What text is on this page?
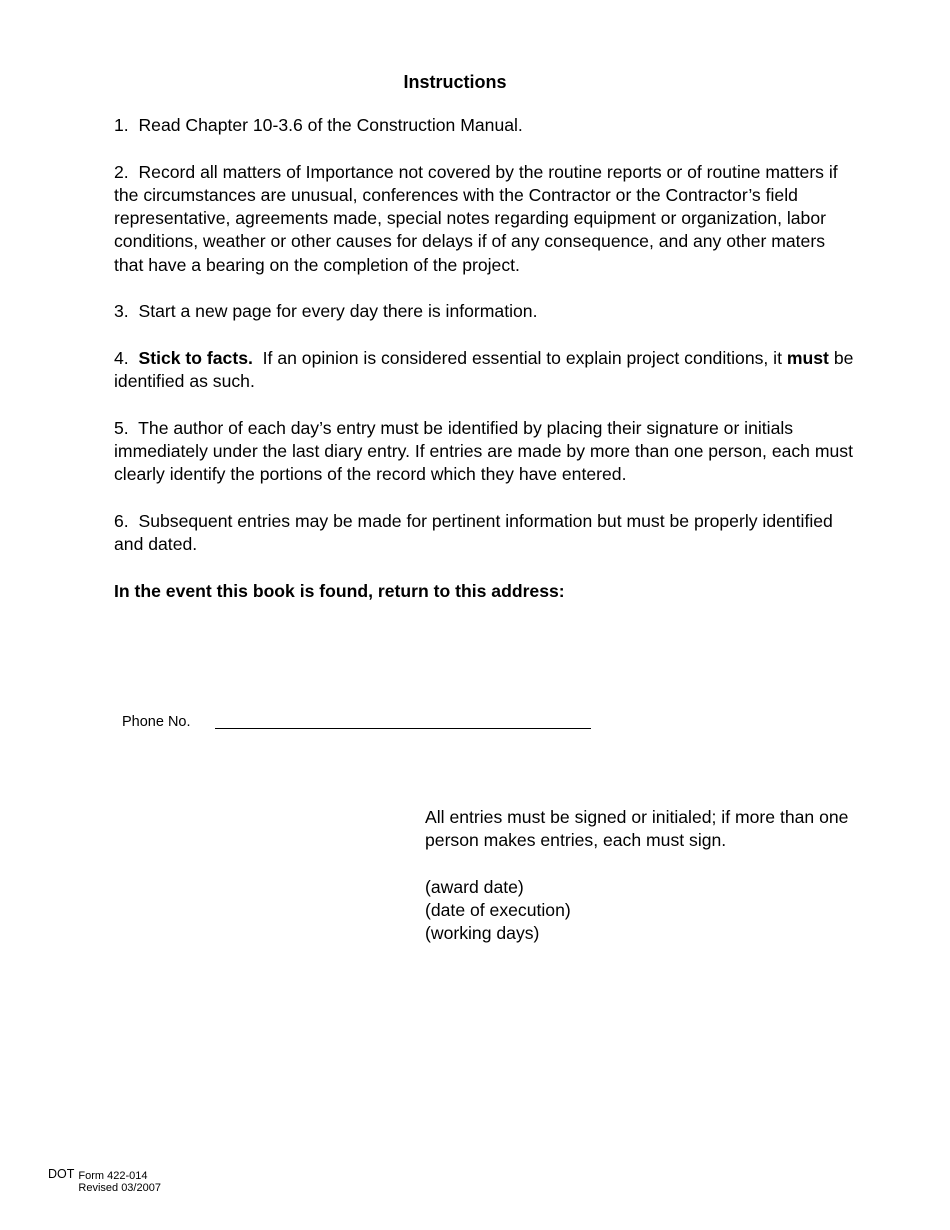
Instructions

1. Read Chapter 10-3.6 of the Construction Manual.

2. Record all matters of Importance not covered by the routine reports or of routine matters if the circumstances are unusual, conferences with the Contractor or the Contractor’s field representative, agreements made, special notes regarding equipment or organization, labor conditions, weather or other causes for delays if of any consequence, and any other maters that have a bearing on the completion of the project.

3. Start a new page for every day there is information.

4. Stick to facts. If an opinion is considered essential to explain project conditions, it must be identified as such.

5. The author of each day’s entry must be identified by placing their signature or initials immediately under the last diary entry. If entries are made by more than one person, each must clearly identify the portions of the record which they have entered.

6. Subsequent entries may be made for pertinent information but must be properly identified and dated.

In the event this book is found, return to this address:
Phone No.

All entries must be signed or initialed; if more than one person makes entries, each must sign.

(award date)
(date of execution)
(working days)
DOT Form 422-014
Revised 03/2007
